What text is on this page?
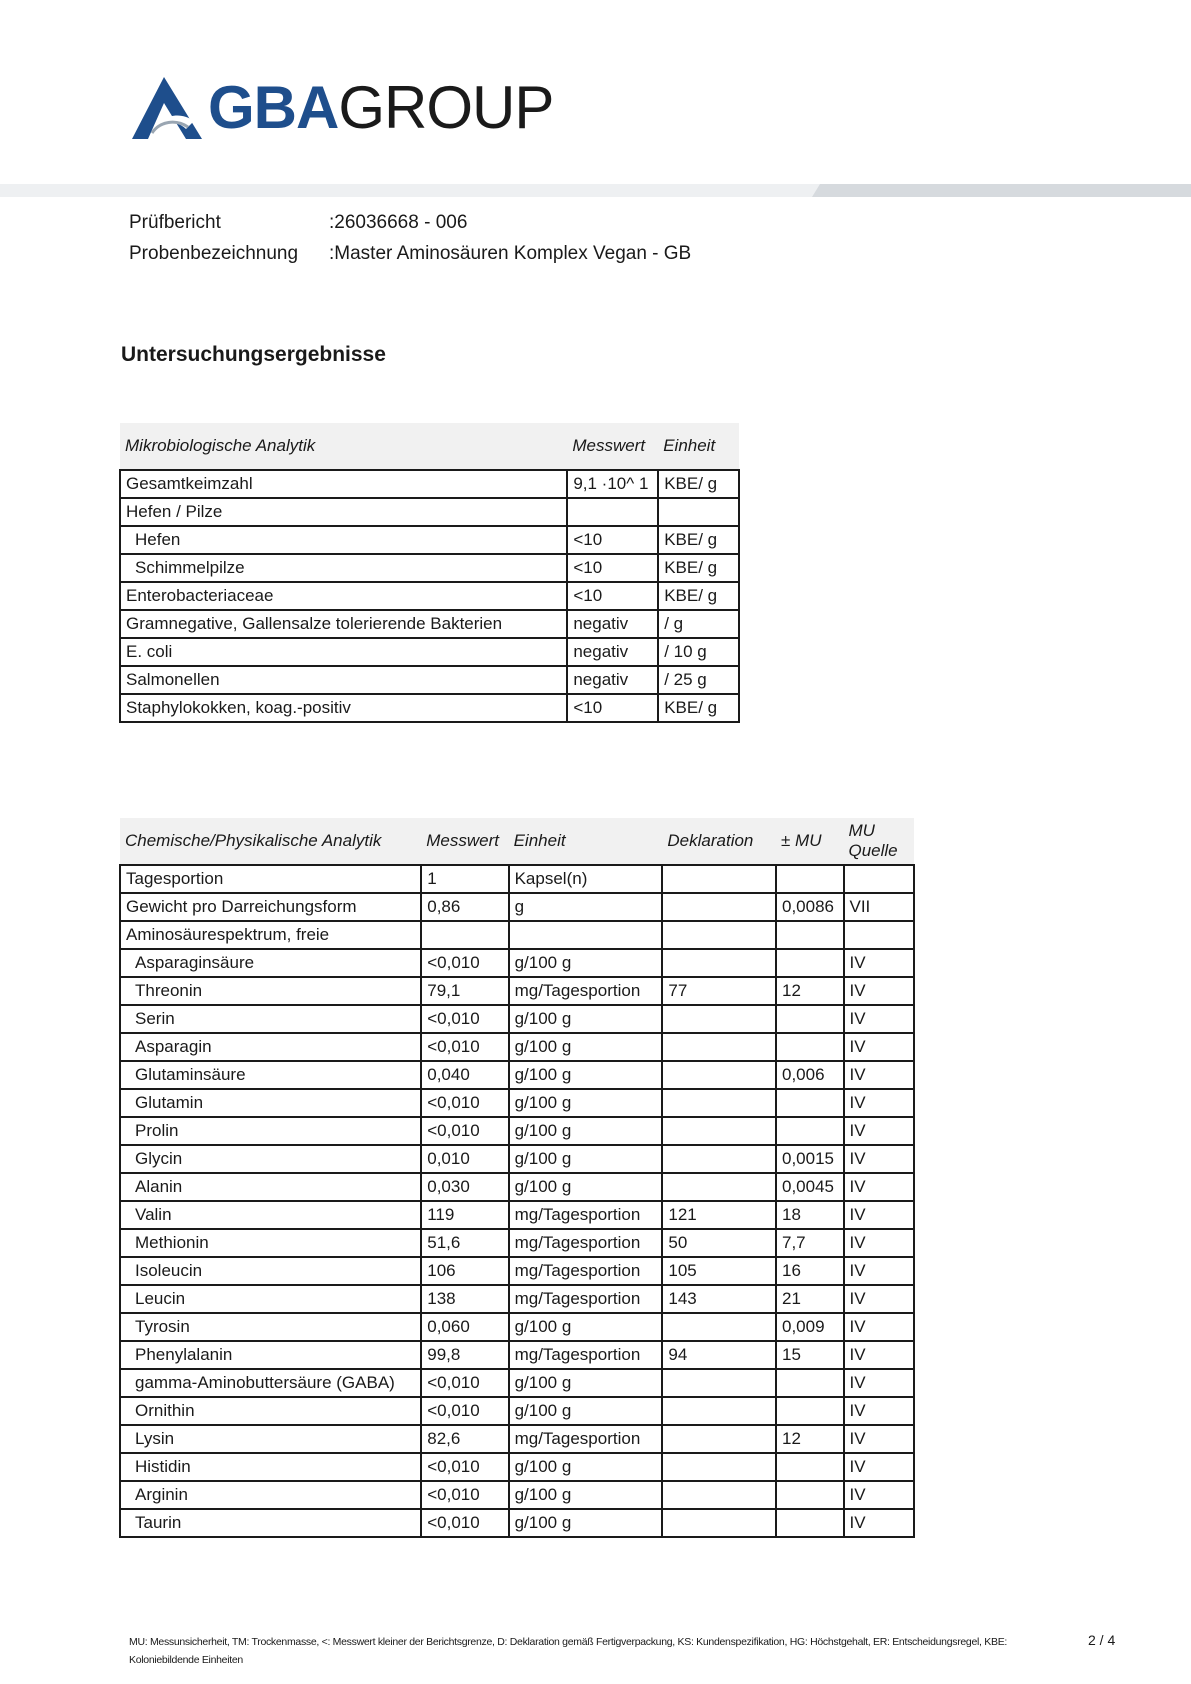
GBAGROUP
Prüfbericht	:26036668 - 006
Probenbezeichnung	:Master Aminosäuren Komplex Vegan - GB
Untersuchungsergebnisse
Mikrobiologische Analytik	Messwert	Einheit
Gesamtkeimzahl	9,1 ·10^ 1	KBE/ g
Hefen / Pilze		
Hefen	<10	KBE/ g
Schimmelpilze	<10	KBE/ g
Enterobacteriaceae	<10	KBE/ g
Gramnegative, Gallensalze tolerierende Bakterien	negativ	/ g
E. coli	negativ	/ 10 g
Salmonellen	negativ	/ 25 g
Staphylokokken, koag.-positiv	<10	KBE/ g
Chemische/Physikalische Analytik	Messwert	Einheit	Deklaration	± MU	MU Quelle
Tagesportion	1	Kapsel(n)			
Gewicht pro Darreichungsform	0,86	g		0,0086	VII
Aminosäurespektrum, freie					
Asparaginsäure	<0,010	g/100 g			IV
Threonin	79,1	mg/Tagesportion	77	12	IV
Serin	<0,010	g/100 g			IV
Asparagin	<0,010	g/100 g			IV
Glutaminsäure	0,040	g/100 g		0,006	IV
Glutamin	<0,010	g/100 g			IV
Prolin	<0,010	g/100 g			IV
Glycin	0,010	g/100 g		0,0015	IV
Alanin	0,030	g/100 g		0,0045	IV
Valin	119	mg/Tagesportion	121	18	IV
Methionin	51,6	mg/Tagesportion	50	7,7	IV
Isoleucin	106	mg/Tagesportion	105	16	IV
Leucin	138	mg/Tagesportion	143	21	IV
Tyrosin	0,060	g/100 g		0,009	IV
Phenylalanin	99,8	mg/Tagesportion	94	15	IV
gamma-Aminobuttersäure (GABA)	<0,010	g/100 g			IV
Ornithin	<0,010	g/100 g			IV
Lysin	82,6	mg/Tagesportion		12	IV
Histidin	<0,010	g/100 g			IV
Arginin	<0,010	g/100 g			IV
Taurin	<0,010	g/100 g			IV
MU: Messunsicherheit, TM: Trockenmasse, <: Messwert kleiner der Berichtsgrenze, D: Deklaration gemäß Fertigverpackung, KS: Kundenspezifikation, HG: Höchstgehalt, ER: Entscheidungsregel, KBE: Koloniebildende Einheiten
2 / 4
